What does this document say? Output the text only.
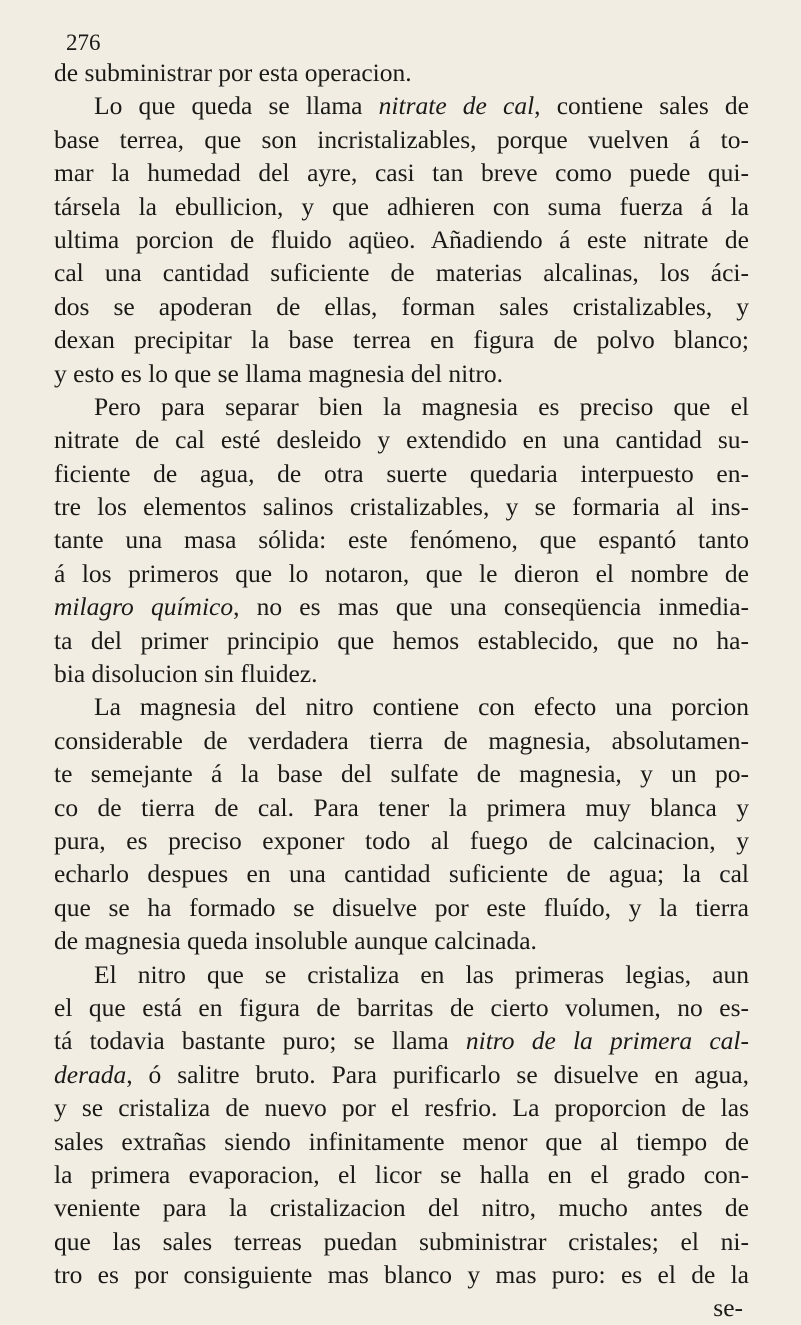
276
de subministrar por esta operacion.
Lo que queda se llama nitrate de cal, contiene sales de
base terrea, que son incristalizables, porque vuelven á to-
mar la humedad del ayre, casi tan breve como puede qui-
társela la ebullicion, y que adhieren con suma fuerza á la
ultima porcion de fluido aqüeo. Añadiendo á este nitrate de
cal una cantidad suficiente de materias alcalinas, los áci-
dos se apoderan de ellas, forman sales cristalizables, y
dexan precipitar la base terrea en figura de polvo blanco;
y esto es lo que se llama magnesia del nitro.
Pero para separar bien la magnesia es preciso que el
nitrate de cal esté desleido y extendido en una cantidad su-
ficiente de agua, de otra suerte quedaria interpuesto en-
tre los elementos salinos cristalizables, y se formaria al ins-
tante una masa sólida: este fenómeno, que espantó tanto
á los primeros que lo notaron, que le dieron el nombre de
milagro químico, no es mas que una conseqüencia inmedia-
ta del primer principio que hemos establecido, que no ha-
bia disolucion sin fluidez.
La magnesia del nitro contiene con efecto una porcion
considerable de verdadera tierra de magnesia, absolutamen-
te semejante á la base del sulfate de magnesia, y un po-
co de tierra de cal. Para tener la primera muy blanca y
pura, es preciso exponer todo al fuego de calcinacion, y
echarlo despues en una cantidad suficiente de agua; la cal
que se ha formado se disuelve por este fluído, y la tierra
de magnesia queda insoluble aunque calcinada.
El nitro que se cristaliza en las primeras legias, aun
el que está en figura de barritas de cierto volumen, no es-
tá todavia bastante puro; se llama nitro de la primera cal-
derada, ó salitre bruto. Para purificarlo se disuelve en agua,
y se cristaliza de nuevo por el resfrio. La proporcion de las
sales extrañas siendo infinitamente menor que al tiempo de
la primera evaporacion, el licor se halla en el grado con-
veniente para la cristalizacion del nitro, mucho antes de
que las sales terreas puedan subministrar cristales; el ni-
tro es por consiguiente mas blanco y mas puro: es el de la
se-
